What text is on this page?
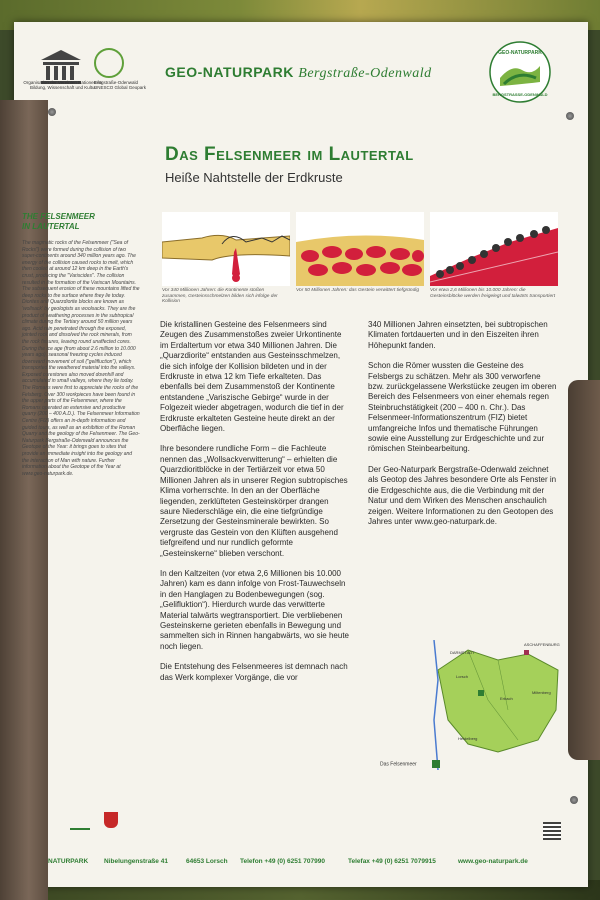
Organisation der Vereinten Nationen für Bildung, Wissenschaft und Kultur
Bergstraße-Odenwald UNESCO Global Geopark
GEO-NATURPARK Bergstraße-Odenwald
GEO-NATURPARK
BERGSTRASSE-ODENWALD
Das Felsenmeer im Lautertal
Heiße Nahtstelle der Erdkruste
THE FELSENMEER
IN LAUTERTAL
The magmatic rocks of the Felsenmeer ("Sea of Rocks") were formed during the collision of two super-continents around 340 million years ago. The energy of the collision caused rocks to melt, which then cooled at around 12 km deep in the Earth's crust, producing the "Variscides". The collision resulted in the formation of the Variscan Mountains. The subsequent erosion of these mountains lifted the deep rocks to the surface where they lie today. Diorites and Quarzdiorite blocks are known as 'wollsack' by geologists as woolsacks. They are the product of weathering processes in the subtropical climate during the Tertiary around 50 million years ago. Acid rain penetrated through the exposed, jointed rock and dissolved the rock minerals, from the rock fissures, leaving round unaffected cores. During the ice age (from about 2.6 million to 10.000 years ago), seasonal freezing cycles induced downward movement of soil ("gelifluction"), which transported the weathered material into the valleys. Exposed corestones also moved downhill and accumulated in small valleys, where they lie today. The Romans were first to appreciate the rocks of the Felsberg. Over 300 workpieces have been found in the upper parts of the Felsenmeer, where the Romans operated an extensive and productive quarry (200 – 400 A.D.). The Felsenmeer Information Centre (FIZ) offers an in-depth information and guided tours, as well as an exhibition of the Roman Quarry and the geology of the Felsenmeer. The Geo-Naturpark Bergstraße-Odenwald announces the Geotope of the Year: it brings goes to sites that provide an immediate insight into the geology and the interaction of Man with nature. Further information about the Geotope of the Year at www.geo-naturpark.de.
Vor 340 Millionen Jahren: die Kontinente stoßen zusammen, Gesteinsschmelzen bilden sich infolge der Kollision
Vor 50 Millionen Jahren: das Gestein verwittert tiefgründig	Vor etwa 2,6 Millionen bis 10.000 Jahren: die Gesteinsblöcke werden freigelegt und talwärts transportiert

Die kristallinen Gesteine des Felsenmeers sind Zeugen des Zusammenstoßes zweier Urkontinente im Erdaltertum vor etwa 340 Millionen Jahren. Die „Quarzdiorite“ entstanden aus Gesteinsschmelzen, die sich infolge der Kollision bildeten und in der Erdkruste in etwa 12 km Tiefe erkalteten. Das ebenfalls bei dem Zusammenstoß der Kontinente entstandene „Variszische Gebirge“ wurde in der Folgezeit wieder abgetragen, wodurch die tief in der Erdkruste erkalteten Gesteine heute direkt an der Oberfläche liegen.

Ihre besondere rundliche Form – die Fachleute nennen das „Wollsackverwitterung“ – erhielten die Quarzdioritblöcke in der Tertiärzeit vor etwa 50 Millionen Jahren als in unserer Region subtropisches Klima vorherrschte. In den an der Oberfläche liegenden, zerklüfteten Gesteinskörper drangen saure Niederschläge ein, die eine tiefgründige Zersetzung der Gesteinsminerale bewirkten. So vergruste das Gestein von den Klüften ausgehend tiefgreifend und nur rundlich geformte „Gesteinskerne“ blieben verschont.

In den Kaltzeiten (vor etwa 2,6 Millionen bis 10.000 Jahren) kam es dann infolge von Frost-Tauwechseln in den Hanglagen zu Bodenbewegungen (sog. „Gelifluktion“). Hierdurch wurde das verwitterte Material talwärts wegtransportiert. Die verbliebenen Gesteinskerne gerieten ebenfalls in Bewegung und sammelten sich in Rinnen hangabwärts, wo sie heute noch liegen.

Die Entstehung des Felsenmeeres ist demnach nach das Werk komplexer Vorgänge, die vor

340 Millionen Jahren einsetzten, bei subtropischen Klimaten fortdauerten und in den Eiszeiten ihren Höhepunkt fanden.

Schon die Römer wussten die Gesteine des Felsbergs zu schätzen. Mehr als 300 verworfene bzw. zurückgelassene Werkstücke zeugen im oberen Bereich des Felsenmeers von einer ehemals regen Steinbruchstätigkeit (200 – 400 n. Chr.). Das Felsenmeer-Informationszentrum (FIZ) bietet umfangreiche Infos und thematische Führungen sowie eine Ausstellung zur Erdgeschichte und zur römischen Steinbearbeitung.

Der Geo-Naturpark Bergstraße-Odenwald zeichnet als Geotop des Jahres besondere Orte als Fenster in die Erdgeschichte aus, die die Verbindung mit der Natur und dem Wirken des Menschen anschaulich zeigen. Weitere Informationen zu den Geotopen des Jahres unter www.geo-naturpark.de.

DARMSTADT
ASCHAFFENBURG
Lorsch
Erbach
Miltenberg
Heidelberg
Das Felsenmeer
NATURPARK Nibelungenstraße 41	64653 Lorsch Telefon +49 (0) 6251 707990	Telefax +49 (0) 6251 7079915	www.geo-naturpark.de
